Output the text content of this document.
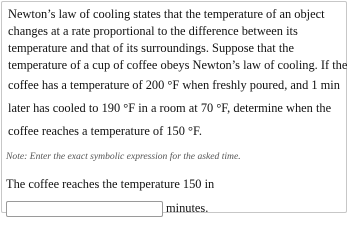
Newton’s law of cooling states that the temperature of an object
changes at a rate proportional to the difference between its
temperature and that of its surroundings. Suppose that the
temperature of a cup of coffee obeys Newton’s law of cooling. If the
coffee has a temperature of 200 °F when freshly poured, and 1 min
later has cooled to 190 °F in a room at 70 °F, determine when the
coffee reaches a temperature of 150 °F.

Note: Enter the exact symbolic expression for the asked time.

The coffee reaches the temperature 150 in

minutes.
